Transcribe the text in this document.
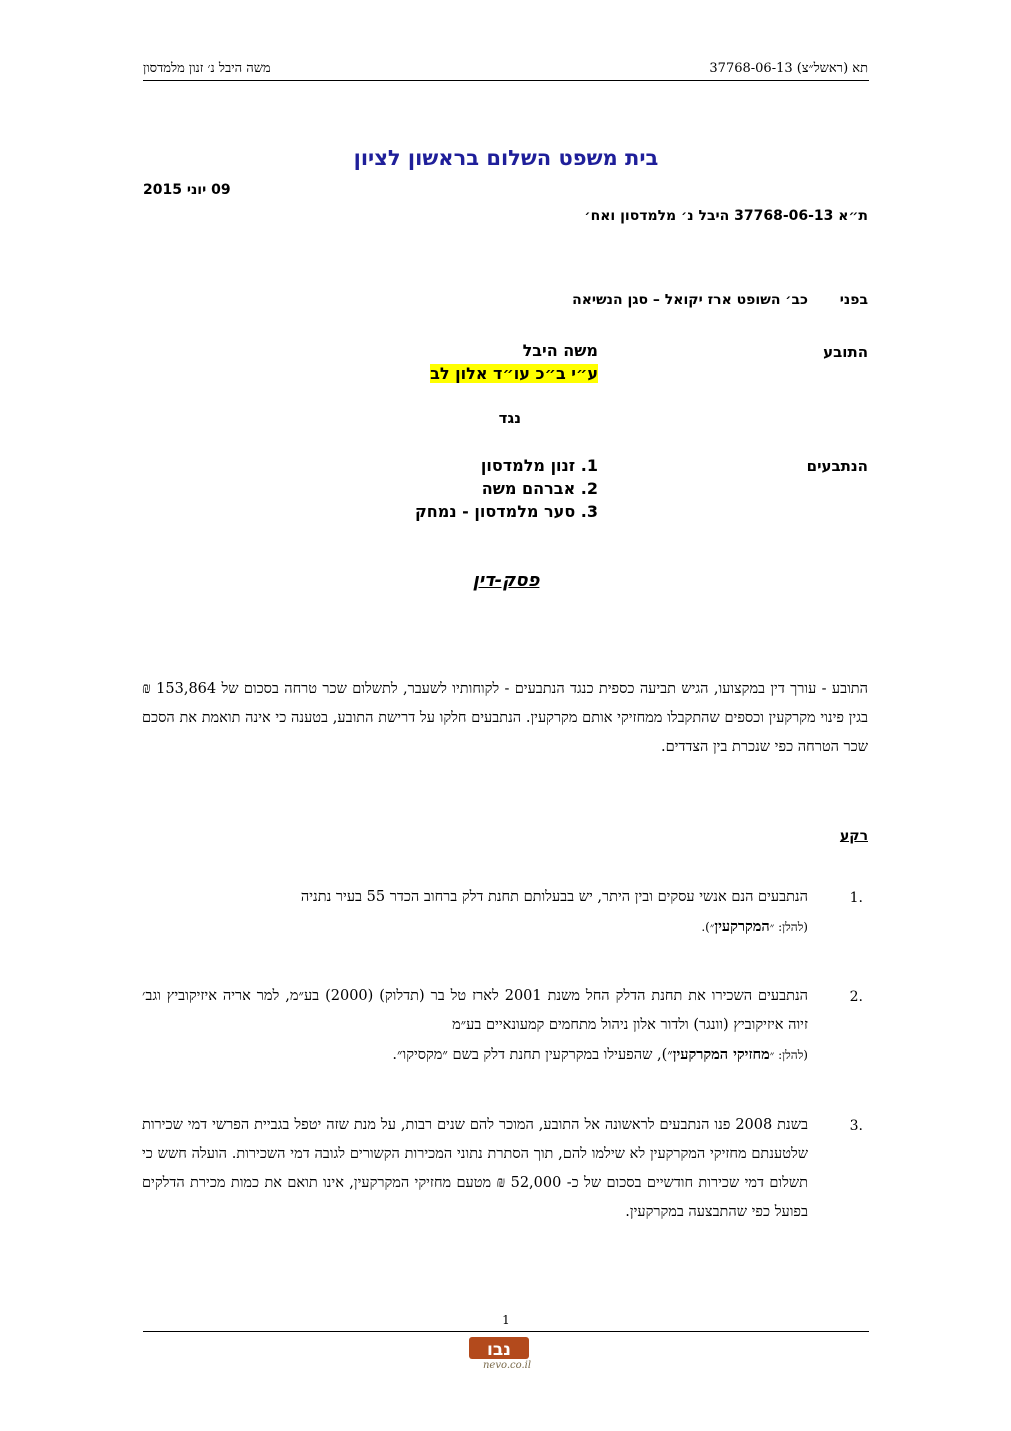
משה היבל נ׳ זנון מלמדסון	תא (ראשל״צ) 37768-06-13
בית משפט השלום בראשון לציון
09 יוני 2015
ת״א 37768-06-13 היבל נ׳ מלמדסון ואח׳
בפני
כב׳ השופט ארז יקואל – סגן הנשיאה
התובע
משה היבל
ע״י ב״כ עו״ד אלון לב
נגד
הנתבעים
1. זנון מלמדסון
2. אברהם משה
3. סער מלמדסון - נמחק
פסק-דין
התובע - עורך דין במקצועו, הגיש תביעה כספית כנגד הנתבעים - לקוחותיו לשעבר, לתשלום שכר טרחה בסכום של 153,864 ₪ בגין פינוי מקרקעין וכספים שהתקבלו ממחזיקי אותם מקרקעין. הנתבעים חלקו על דרישת התובע, בטענה כי אינה תואמת את הסכם שכר הטרחה כפי שנכרת בין הצדדים.
רקע
1.
הנתבעים הנם אנשי עסקים ובין היתר, יש בבעלותם תחנת דלק ברחוב הכדר 55 בעיר נתניה
(להלן: ״המקרקעין״).
2.
הנתבעים השכירו את תחנת הדלק החל משנת 2001 לארז טל בר (תדלוק) (2000) בע״מ, למר אריה איזיקוביץ וגב׳ זיוה איזיקוביץ (וונגר) ולדור אלון ניהול מתחמים קמעונאיים בע״מ
(להלן: ״מחזיקי המקרקעין״), שהפעילו במקרקעין תחנת דלק בשם ״מקסיקו״.
3.
בשנת 2008 פנו הנתבעים לראשונה אל התובע, המוכר להם שנים רבות, על מנת שזה יטפל בגביית הפרשי דמי שכירות שלטענתם מחזיקי המקרקעין לא שילמו להם, תוך הסתרת נתוני המכירות הקשורים לגובה דמי השכירות. הועלה חשש כי תשלום דמי שכירות חודשיים בסכום של כ- 52,000 ₪ מטעם מחזיקי המקרקעין, אינו תואם את כמות מכירת הדלקים בפועל כפי שהתבצעה במקרקעין.
1
נבו
nevo.co.il
